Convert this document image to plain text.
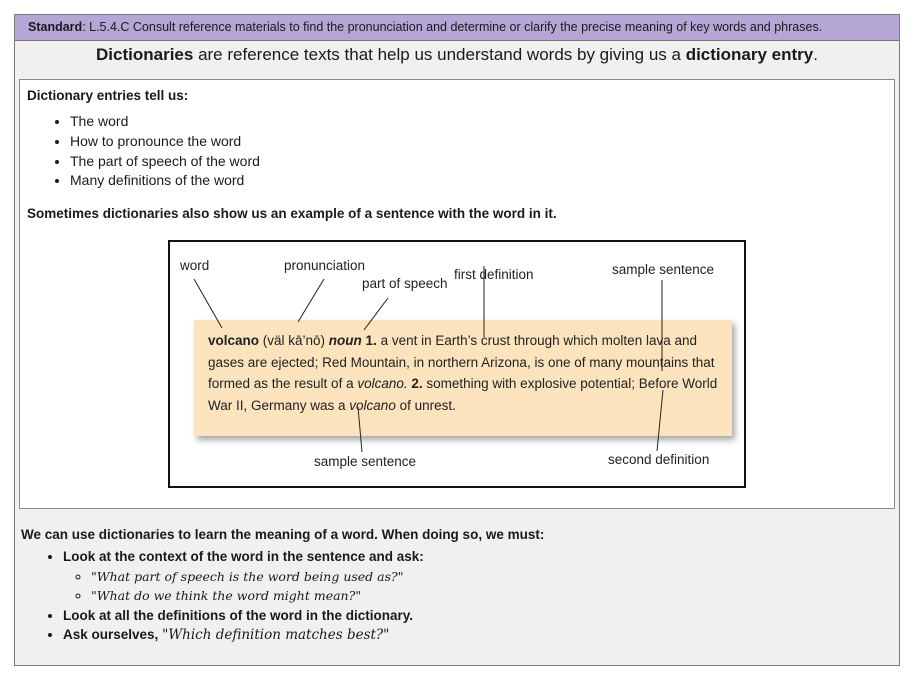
Standard: L.5.4.C Consult reference materials to find the pronunciation and determine or clarify the precise meaning of key words and phrases.
Dictionaries are reference texts that help us understand words by giving us a dictionary entry.
Dictionary entries tell us:
• The word
• How to pronounce the word
• The part of speech of the word
• Many definitions of the word
Sometimes dictionaries also show us an example of a sentence with the word in it.
volcano (väl kā’nō) noun 1. a vent in Earth’s crust through which molten lava and gases are ejected; Red Mountain, in northern Arizona, is one of many mountains that formed as the result of a volcano. 2. something with explosive potential; Before World War II, Germany was a volcano of unrest.
word	pronunciation
part of speech
first definition	sample sentence
sample sentence	second definition
We can use dictionaries to learn the meaning of a word. When doing so, we must:
• Look at the context of the word in the sentence and ask:
◦ "What part of speech is the word being used as?"
◦ "What do we think the word might mean?"
• Look at all the definitions of the word in the dictionary.
• Ask ourselves, "Which definition matches best?"
